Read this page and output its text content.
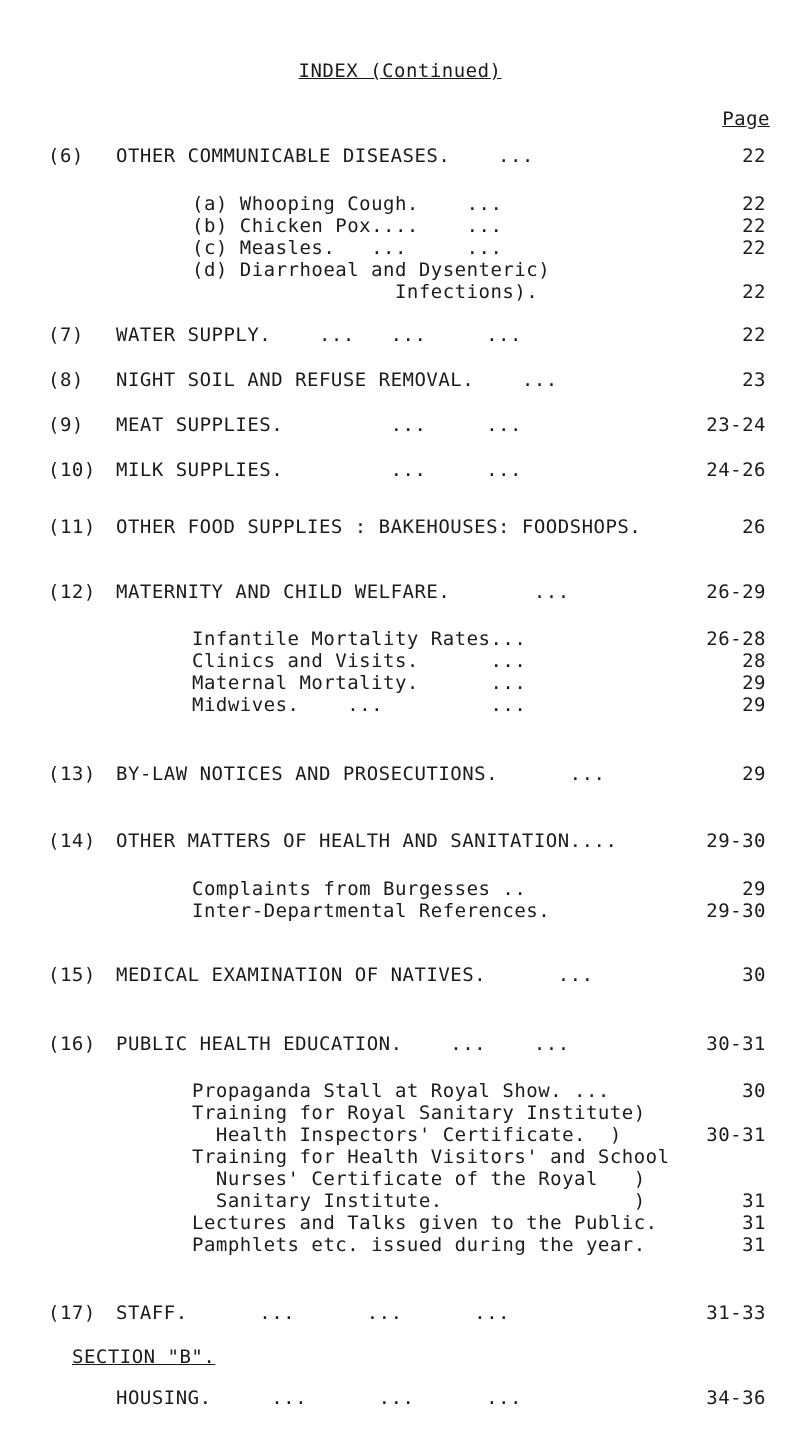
INDEX (Continued)
Page
(6) OTHER COMMUNICABLE DISEASES.    ...	22
(a) Whooping Cough.    ...	22
(b) Chicken Pox....    ...	22
(c) Measles.   ...     ...	22
(d) Diarrhoeal and Dysenteric)
Infections).	22
(7) WATER SUPPLY.    ...   ...     ...	22
(8) NIGHT SOIL AND REFUSE REMOVAL.    ...	23
(9) MEAT SUPPLIES.         ...     ...	23-24
(10) MILK SUPPLIES.         ...     ...	24-26
(11) OTHER FOOD SUPPLIES : BAKEHOUSES: FOODSHOPS.	26
(12) MATERNITY AND CHILD WELFARE.       ...	26-29
Infantile Mortality Rates...	26-28
Clinics and Visits.      ...	28
Maternal Mortality.      ...	29
Midwives.    ...         ...	29
(13) BY-LAW NOTICES AND PROSECUTIONS.      ...	29
(14) OTHER MATTERS OF HEALTH AND SANITATION....	29-30
Complaints from Burgesses ..	29
Inter-Departmental References.	29-30
(15) MEDICAL EXAMINATION OF NATIVES.      ...	30
(16) PUBLIC HEALTH EDUCATION.    ...    ...	30-31
Propaganda Stall at Royal Show. ...	30
Training for Royal Sanitary Institute)
Health Inspectors' Certificate.  )	30-31
Training for Health Visitors' and School
Nurses' Certificate of the Royal   )
Sanitary Institute.                )	31
Lectures and Talks given to the Public.	31
Pamphlets etc. issued during the year.	31
(17) STAFF.      ...      ...      ...	31-33
SECTION "B".
HOUSING.     ...      ...      ...	34-36
